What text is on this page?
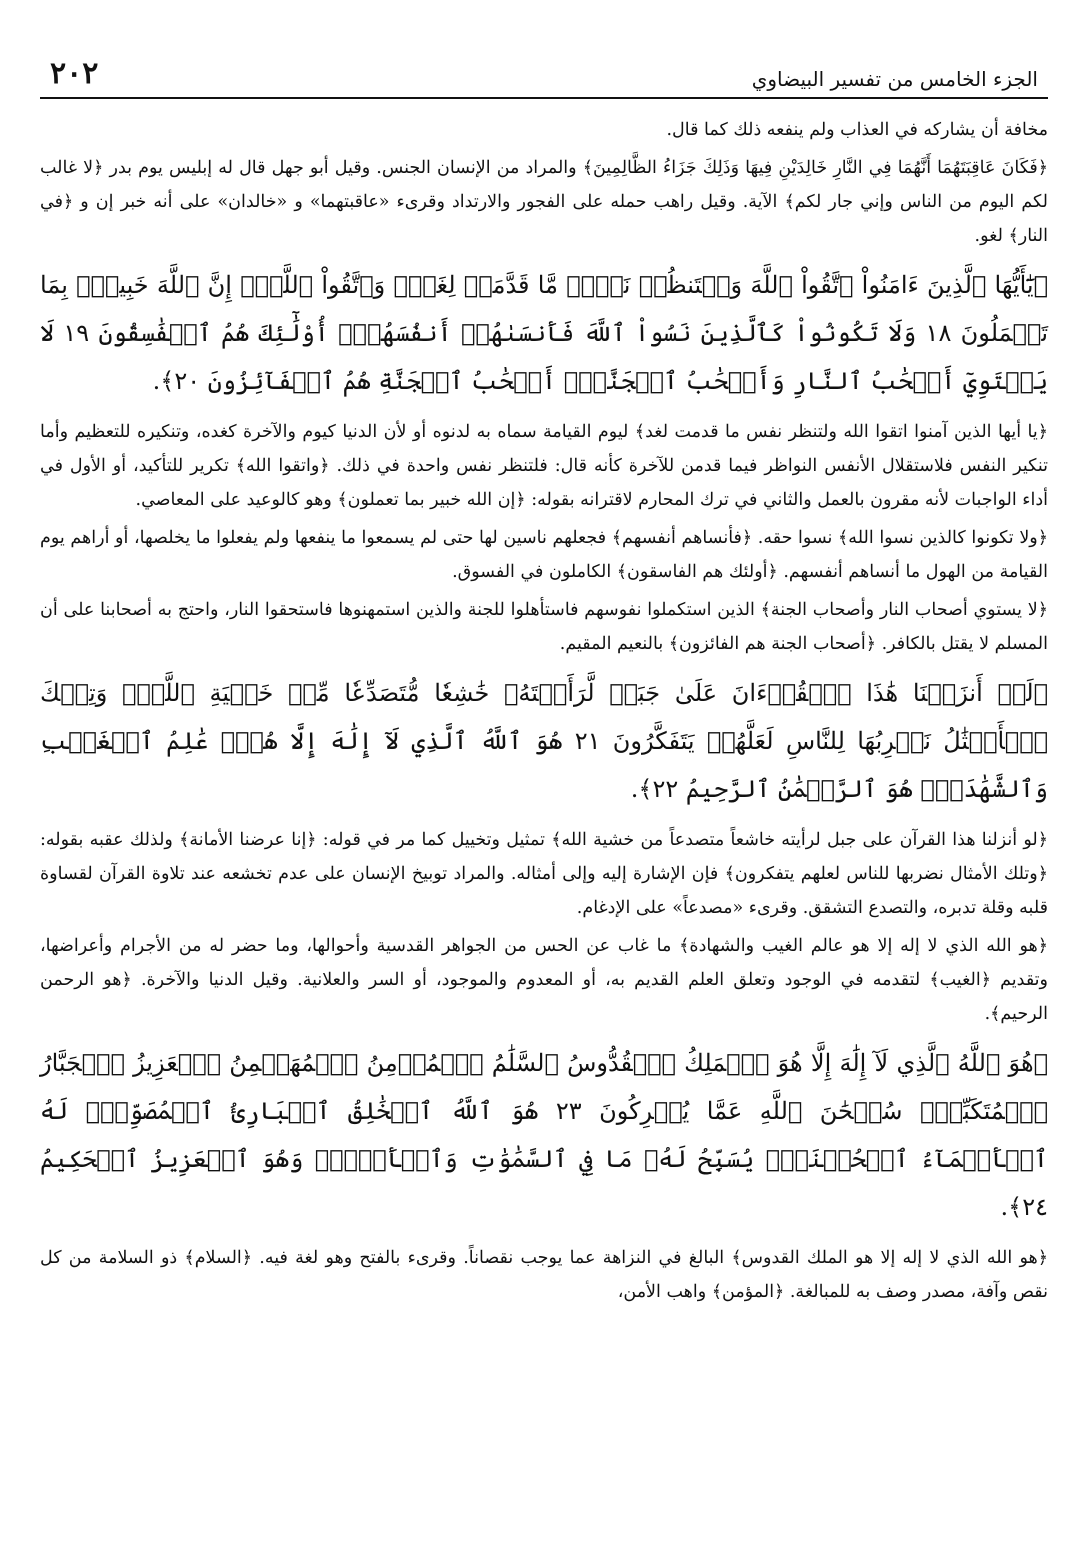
الجزء الخامس من تفسير البيضاوي
٢٠٢

مخافة أن يشاركه في العذاب ولم ينفعه ذلك كما قال.

﴿فَكَانَ عَاقِبَتَهُمَا أَنَّهُمَا فِي النَّارِ خَالِدَيْنِ فِيهَا وَذَلِكَ جَزَاءُ الظَّالِمِينَ﴾ والمراد من الإنسان الجنس. وقيل أبو جهل قال له إبليس يوم بدر ﴿لا غالب لكم اليوم من الناس وإني جار لكم﴾ الآية. وقيل راهب حمله على الفجور والارتداد وقرىء «عاقبتهما» و «خالدان» على أنه خبر إن و ﴿في النار﴾ لغو.

﴿يَٰٓأَيُّهَا ٱلَّذِينَ ءَامَنُواْ ٱتَّقُواْ ٱللَّهَ وَلۡتَنظُرۡ نَفۡسٞ مَّا قَدَّمَتۡ لِغَدٖۖ وَٱتَّقُواْ ٱللَّهَۚ إِنَّ ٱللَّهَ خَبِيرُۢ بِمَا تَعۡمَلُونَ ١٨ وَلَا تَكُونُواْ كَٱلَّذِينَ نَسُواْ ٱللَّهَ فَأَنسَىٰهُمۡ أَنفُسَهُمۡۚ أُوْلَٰٓئِكَ هُمُ ٱلۡفَٰسِقُونَ ١٩ لَا يَسۡتَوِيٓ أَصۡحَٰبُ ٱلنَّارِ وَأَصۡحَٰبُ ٱلۡجَنَّةِۚ أَصۡحَٰبُ ٱلۡجَنَّةِ هُمُ ٱلۡفَآئِزُونَ ٢٠﴾.

﴿يا أيها الذين آمنوا اتقوا الله ولتنظر نفس ما قدمت لغد﴾ ليوم القيامة سماه به لدنوه أو لأن الدنيا كيوم والآخرة كغده، وتنكيره للتعظيم وأما تنكير النفس فلاستقلال الأنفس النواظر فيما قدمن للآخرة كأنه قال: فلتنظر نفس واحدة في ذلك. ﴿واتقوا الله﴾ تكرير للتأكيد، أو الأول في أداء الواجبات لأنه مقرون بالعمل والثاني في ترك المحارم لاقترانه بقوله: ﴿إن الله خبير بما تعملون﴾ وهو كالوعيد على المعاصي.

﴿ولا تكونوا كالذين نسوا الله﴾ نسوا حقه. ﴿فأنساهم أنفسهم﴾ فجعلهم ناسين لها حتى لم يسمعوا ما ينفعها ولم يفعلوا ما يخلصها، أو أراهم يوم القيامة من الهول ما أنساهم أنفسهم. ﴿أولئك هم الفاسقون﴾ الكاملون في الفسوق.

﴿لا يستوي أصحاب النار وأصحاب الجنة﴾ الذين استكملوا نفوسهم فاستأهلوا للجنة والذين استمهنوها فاستحقوا النار، واحتج به أصحابنا على أن المسلم لا يقتل بالكافر. ﴿أصحاب الجنة هم الفائزون﴾ بالنعيم المقيم.

﴿لَوۡ أَنزَلۡنَا هَٰذَا ٱلۡقُرۡءَانَ عَلَىٰ جَبَلٖ لَّرَأَيۡتَهُۥ خَٰشِعٗا مُّتَصَدِّعٗا مِّنۡ خَشۡيَةِ ٱللَّهِۚ وَتِلۡكَ ٱلۡأَمۡثَٰلُ نَضۡرِبُهَا لِلنَّاسِ لَعَلَّهُمۡ يَتَفَكَّرُونَ ٢١ هُوَ ٱللَّهُ ٱلَّذِي لَآ إِلَٰهَ إِلَّا هُوَۖ عَٰلِمُ ٱلۡغَيۡبِ وَٱلشَّهَٰدَةِۖ هُوَ ٱلرَّحۡمَٰنُ ٱلرَّحِيمُ ٢٢﴾.

﴿لو أنزلنا هذا القرآن على جبل لرأيته خاشعاً متصدعاً من خشية الله﴾ تمثيل وتخييل كما مر في قوله: ﴿إنا عرضنا الأمانة﴾ ولذلك عقبه بقوله: ﴿وتلك الأمثال نضربها للناس لعلهم يتفكرون﴾ فإن الإشارة إليه وإلى أمثاله. والمراد توبيخ الإنسان على عدم تخشعه عند تلاوة القرآن لقساوة قلبه وقلة تدبره، والتصدع التشقق. وقرىء «مصدعاً» على الإدغام.

﴿هو الله الذي لا إله إلا هو عالم الغيب والشهادة﴾ ما غاب عن الحس من الجواهر القدسية وأحوالها، وما حضر له من الأجرام وأعراضها، وتقديم ﴿الغيب﴾ لتقدمه في الوجود وتعلق العلم القديم به، أو المعدوم والموجود، أو السر والعلانية. وقيل الدنيا والآخرة. ﴿هو الرحمن الرحيم﴾.

﴿هُوَ ٱللَّهُ ٱلَّذِي لَآ إِلَٰهَ إِلَّا هُوَ ٱلۡمَلِكُ ٱلۡقُدُّوسُ ٱلسَّلَٰمُ ٱلۡمُؤۡمِنُ ٱلۡمُهَيۡمِنُ ٱلۡعَزِيزُ ٱلۡجَبَّارُ ٱلۡمُتَكَبِّرُۚ سُبۡحَٰنَ ٱللَّهِ عَمَّا يُشۡرِكُونَ ٢٣ هُوَ ٱللَّهُ ٱلۡخَٰلِقُ ٱلۡبَارِئُ ٱلۡمُصَوِّرُۖ لَهُ ٱلۡأَسۡمَآءُ ٱلۡحُسۡنَىٰۚ يُسَبِّحُ لَهُۥ مَا فِي ٱلسَّمَٰوَٰتِ وَٱلۡأَرۡضِۖ وَهُوَ ٱلۡعَزِيزُ ٱلۡحَكِيمُ ٢٤﴾.

﴿هو الله الذي لا إله إلا هو الملك القدوس﴾ البالغ في النزاهة عما يوجب نقصاناً. وقرىء بالفتح وهو لغة فيه. ﴿السلام﴾ ذو السلامة من كل نقص وآفة، مصدر وصف به للمبالغة. ﴿المؤمن﴾ واهب الأمن،
